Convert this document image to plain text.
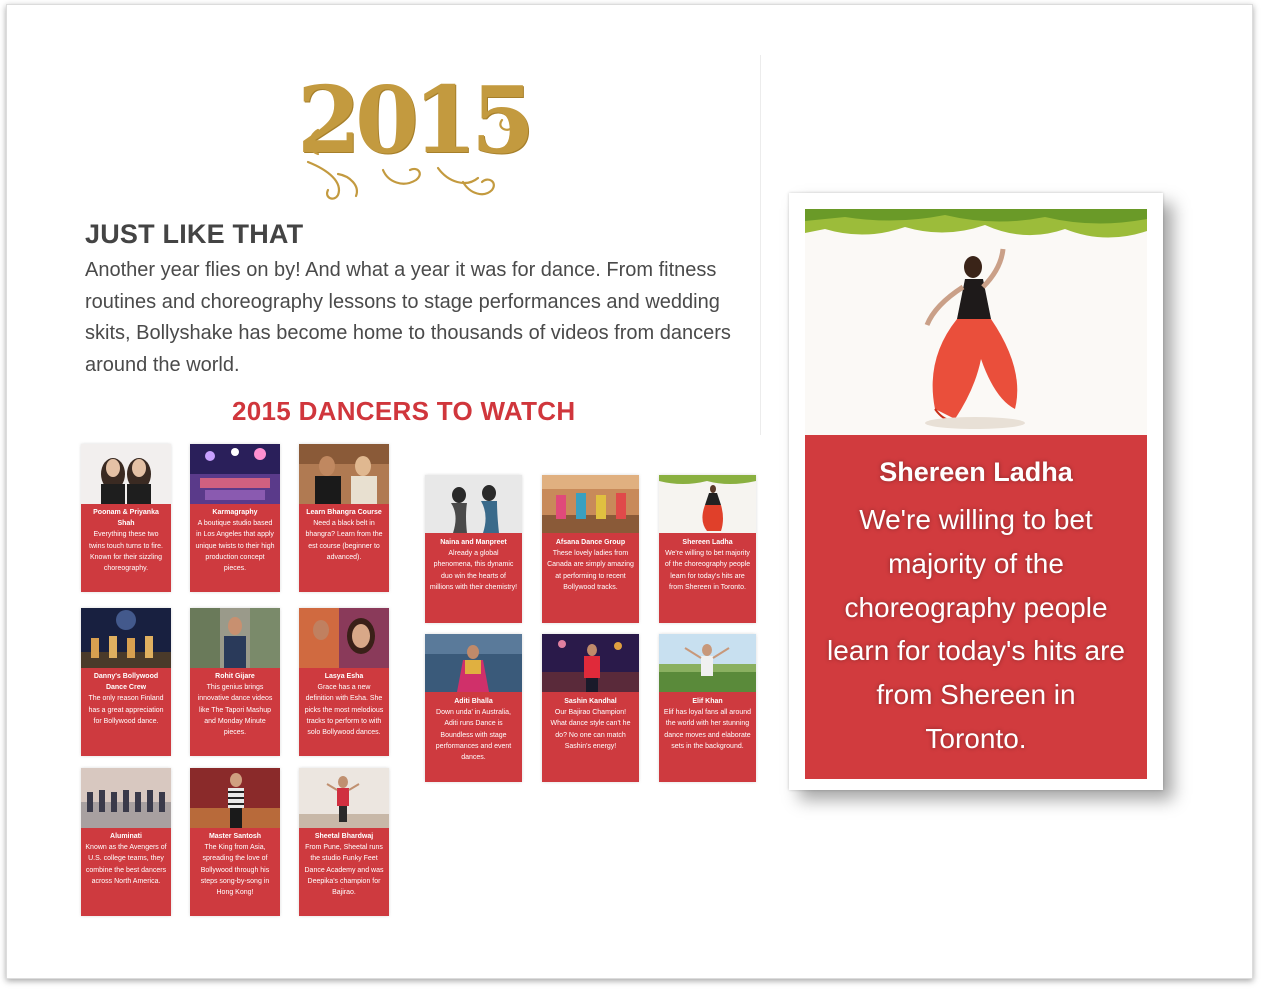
2015
JUST LIKE THAT

Another year flies on by! And what a year it was for dance. From fitness routines and choreography lessons to stage performances and wedding skits, Bollyshake has become home to thousands of videos from dancers around the world.

2015 DANCERS TO WATCH
Poonam & Priyanka Shah
Everything these two twins touch turns to fire. Known for their sizzling choreography.
Karmagraphy
A boutique studio based in Los Angeles that apply unique twists to their high production concept pieces.
Learn Bhangra Course
Need a black belt in bhangra? Learn from the est course (beginner to advanced).
Danny's Bollywood Dance Crew
The only reason Finland has a great appreciation for Bollywood dance.
Rohit Gijare
This genius brings innovative dance videos like The Tapori Mashup and Monday Minute pieces.
Lasya Esha
Grace has a new definition with Esha. She picks the most melodious tracks to perform to with solo Bollywood dances.
Aluminati
Known as the Avengers of U.S. college teams, they combine the best dancers across North America.
Master Santosh
The King from Asia, spreading the love of Bollywood through his steps song-by-song in Hong Kong!
Sheetal Bhardwaj
From Pune, Sheetal runs the studio Funky Feet Dance Academy and was Deepika's champion for Bajirao.
Naina and Manpreet
Already a global phenomena, this dynamic duo win the hearts of millions with their chemistry!
Afsana Dance Group
These lovely ladies from Canada are simply amazing at performing to recent Bollywood tracks.
Shereen Ladha
We're willing to bet majority of the choreography people learn for today's hits are from Shereen in Toronto.
Aditi Bhalla
Down unda' in Australia, Aditi runs Dance is Boundless with stage performances and event dances.
Sashin Kandhal
Our Bajirao Champion! What dance style can't he do? No one can match Sashin's energy!
Elif Khan
Elif has loyal fans all around the world with her stunning dance moves and elaborate sets in the background.
Shereen Ladha
We're willing to bet majority of the choreography people learn for today's hits are from Shereen in Toronto.
